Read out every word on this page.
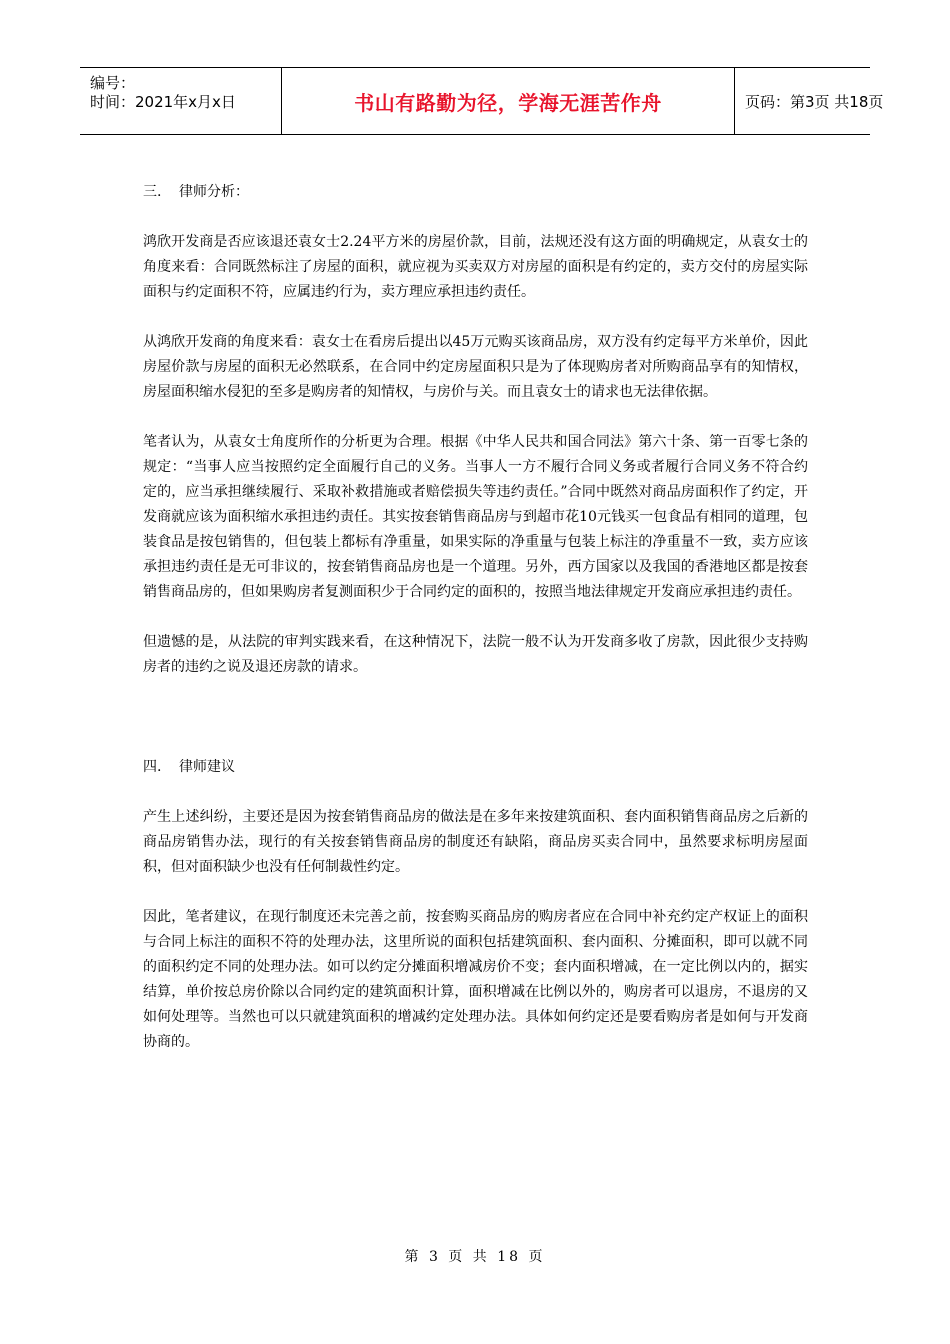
编号：
时间：2021年x月x日	书山有路勤为径，学海无涯苦作舟	页码：第3页 共18页
三. 律师分析：

鸿欣开发商是否应该退还袁女士2.24平方米的房屋价款，目前，法规还没有这方面的明确规定，从袁女士的角度来看：合同既然标注了房屋的面积，就应视为买卖双方对房屋的面积是有约定的，卖方交付的房屋实际面积与约定面积不符，应属违约行为，卖方理应承担违约责任。

从鸿欣开发商的角度来看：袁女士在看房后提出以45万元购买该商品房，双方没有约定每平方米单价，因此房屋价款与房屋的面积无必然联系，在合同中约定房屋面积只是为了体现购房者对所购商品享有的知情权，房屋面积缩水侵犯的至多是购房者的知情权，与房价与关。而且袁女士的请求也无法律依据。

笔者认为，从袁女士角度所作的分析更为合理。根据《中华人民共和国合同法》第六十条、第一百零七条的规定：“当事人应当按照约定全面履行自己的义务。当事人一方不履行合同义务或者履行合同义务不符合约定的，应当承担继续履行、采取补救措施或者赔偿损失等违约责任。”合同中既然对商品房面积作了约定，开发商就应该为面积缩水承担违约责任。其实按套销售商品房与到超市花10元钱买一包食品有相同的道理，包装食品是按包销售的，但包装上都标有净重量，如果实际的净重量与包装上标注的净重量不一致，卖方应该承担违约责任是无可非议的，按套销售商品房也是一个道理。另外，西方国家以及我国的香港地区都是按套销售商品房的，但如果购房者复测面积少于合同约定的面积的，按照当地法律规定开发商应承担违约责任。

但遗憾的是，从法院的审判实践来看，在这种情况下，法院一般不认为开发商多收了房款，因此很少支持购房者的违约之说及退还房款的请求。

四. 律师建议

产生上述纠纷，主要还是因为按套销售商品房的做法是在多年来按建筑面积、套内面积销售商品房之后新的商品房销售办法，现行的有关按套销售商品房的制度还有缺陷，商品房买卖合同中，虽然要求标明房屋面积，但对面积缺少也没有任何制裁性约定。

因此，笔者建议，在现行制度还未完善之前，按套购买商品房的购房者应在合同中补充约定产权证上的面积与合同上标注的面积不符的处理办法，这里所说的面积包括建筑面积、套内面积、分摊面积，即可以就不同的面积约定不同的处理办法。如可以约定分摊面积增减房价不变；套内面积增减，在一定比例以内的，据实结算，单价按总房价除以合同约定的建筑面积计算，面积增减在比例以外的，购房者可以退房，不退房的又如何处理等。当然也可以只就建筑面积的增减约定处理办法。具体如何约定还是要看购房者是如何与开发商协商的。

第 3 页 共 18 页
